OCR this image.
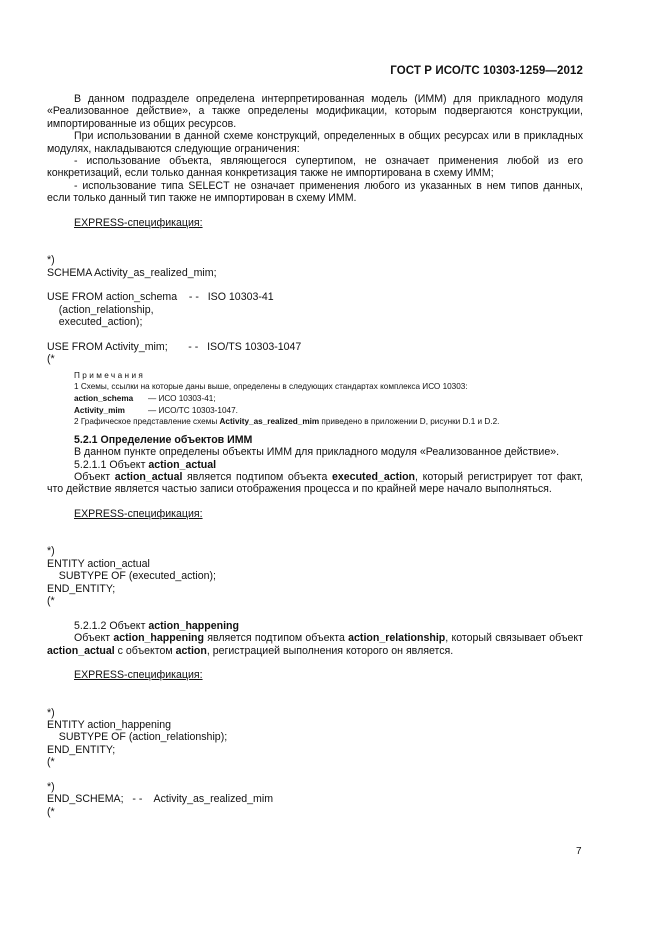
ГОСТ Р ИСО/ТС 10303-1259—2012
В данном подразделе определена интерпретированная модель (ИММ) для прикладного модуля «Реализованное действие», а также определены модификации, которым подвергаются конструкции, импортированные из общих ресурсов.
При использовании в данной схеме конструкций, определенных в общих ресурсах или в прикладных модулях, накладываются следующие ограничения:
- использование объекта, являющегося супертипом, не означает применения любой из его конкретизаций, если только данная конкретизация также не импортирована в схему ИММ;
- использование типа SELECT не означает применения любого из указанных в нем типов данных, если только данный тип также не импортирован в схему ИММ.
EXPRESS-спецификация:
*)
SCHEMA Activity_as_realized_mim;
USE FROM action_schema    - -   ISO 10303-41
(action_relationship,
executed_action);
USE FROM Activity_mim;       - -   ISO/TS 10303-1047
(*
Примечания
1 Схемы, ссылки на которые даны выше, определены в следующих стандартах комплекса ИСО 10303:
action_schema — ИСО 10303-41;
Activity_mim	— ИСО/ТС 10303-1047.
2 Графическое представление схемы Activity_as_realized_mim приведено в приложении D, рисунки D.1 и D.2.
5.2.1 Определение объектов ИММ
В данном пункте определены объекты ИММ для прикладного модуля «Реализованное действие».
5.2.1.1 Объект action_actual
Объект action_actual является подтипом объекта executed_action, который регистрирует тот факт, что действие является частью записи отображения процесса и по крайней мере начало выполняться.
EXPRESS-спецификация:
*)
ENTITY action_actual
SUBTYPE OF (executed_action);
END_ENTITY;
(*
5.2.1.2 Объект action_happening
Объект action_happening является подтипом объекта action_relationship, который связывает объект action_actual с объектом action, регистрацией выполнения которого он является.
EXPRESS-спецификация:
*)
ENTITY action_happening
SUBTYPE OF (action_relationship);
END_ENTITY;
(*
*)
END_SCHEMA;   - -    Activity_as_realized_mim
(*
7
